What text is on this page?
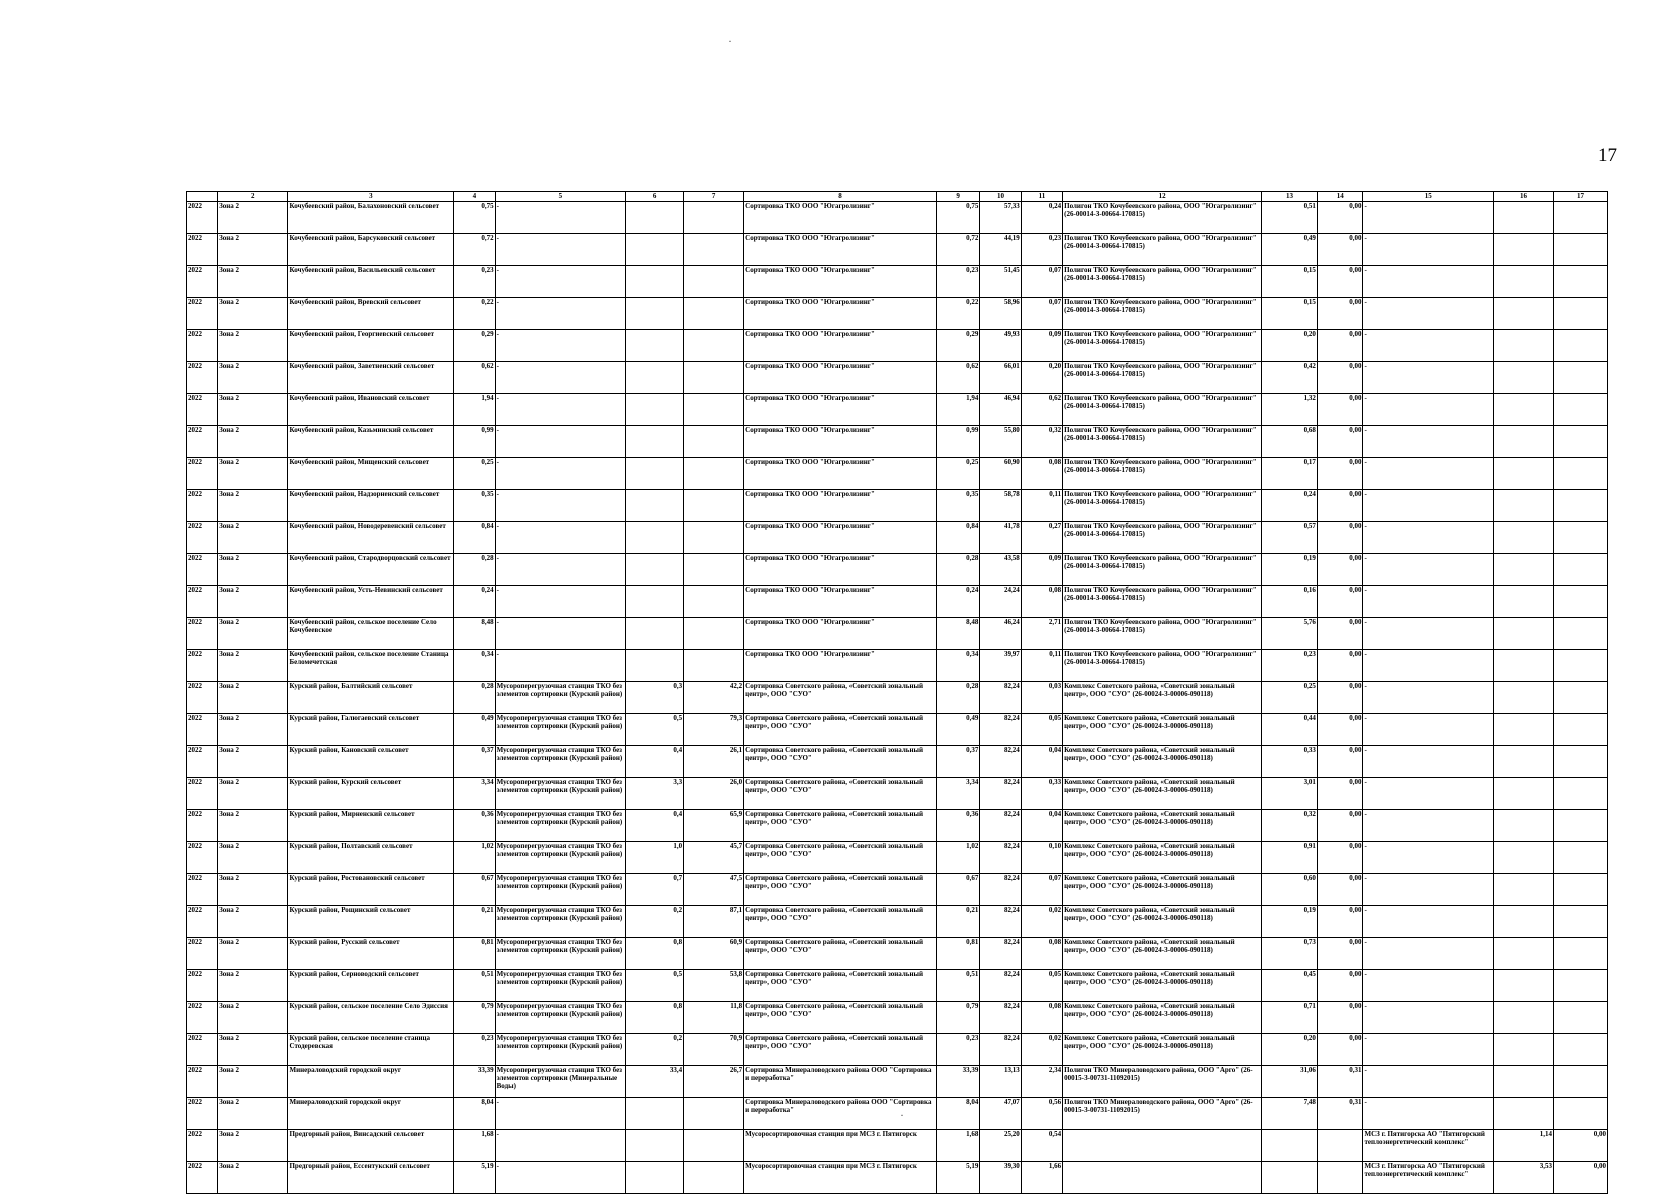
17
·
·
	2	3	4	5	6	7	8	9	10	11	12	13	14	15	16	17
2022	Зона 2	Кочубеевский район, Балахоновский сельсовет	0,75	-			Сортировка ТКО ООО "Югагролизинг"	0,75	57,33	0,24	Полигон ТКО Кочубеевского района, ООО "Югагролизинг" (26-00014-З-00664-170815)	0,51	0,00	-		
2022	Зона 2	Кочубеевский район, Барсуковский сельсовет	0,72	-			Сортировка ТКО ООО "Югагролизинг"	0,72	44,19	0,23	Полигон ТКО Кочубеевского района, ООО "Югагролизинг" (26-00014-З-00664-170815)	0,49	0,00	-		
2022	Зона 2	Кочубеевский район, Васильевский сельсовет	0,23	-			Сортировка ТКО ООО "Югагролизинг"	0,23	51,45	0,07	Полигон ТКО Кочубеевского района, ООО "Югагролизинг" (26-00014-З-00664-170815)	0,15	0,00	-		
2022	Зона 2	Кочубеевский район, Вревский сельсовет	0,22	-			Сортировка ТКО ООО "Югагролизинг"	0,22	58,96	0,07	Полигон ТКО Кочубеевского района, ООО "Югагролизинг" (26-00014-З-00664-170815)	0,15	0,00	-		
2022	Зона 2	Кочубеевский район, Георгиевский сельсовет	0,29	-			Сортировка ТКО ООО "Югагролизинг"	0,29	49,93	0,09	Полигон ТКО Кочубеевского района, ООО "Югагролизинг" (26-00014-З-00664-170815)	0,20	0,00	-		
2022	Зона 2	Кочубеевский район, Заветненский сельсовет	0,62	-			Сортировка ТКО ООО "Югагролизинг"	0,62	66,01	0,20	Полигон ТКО Кочубеевского района, ООО "Югагролизинг" (26-00014-З-00664-170815)	0,42	0,00	-		
2022	Зона 2	Кочубеевский район, Ивановский сельсовет	1,94	-			Сортировка ТКО ООО "Югагролизинг"	1,94	46,94	0,62	Полигон ТКО Кочубеевского района, ООО "Югагролизинг" (26-00014-З-00664-170815)	1,32	0,00	-		
2022	Зона 2	Кочубеевский район, Казьминский сельсовет	0,99	-			Сортировка ТКО ООО "Югагролизинг"	0,99	55,80	0,32	Полигон ТКО Кочубеевского района, ООО "Югагролизинг" (26-00014-З-00664-170815)	0,68	0,00	-		
2022	Зона 2	Кочубеевский район, Мищенский сельсовет	0,25	-			Сортировка ТКО ООО "Югагролизинг"	0,25	60,90	0,08	Полигон ТКО Кочубеевского района, ООО "Югагролизинг" (26-00014-З-00664-170815)	0,17	0,00	-		
2022	Зона 2	Кочубеевский район, Надзорненский сельсовет	0,35	-			Сортировка ТКО ООО "Югагролизинг"	0,35	58,78	0,11	Полигон ТКО Кочубеевского района, ООО "Югагролизинг" (26-00014-З-00664-170815)	0,24	0,00	-		
2022	Зона 2	Кочубеевский район, Новодеревенский сельсовет	0,84	-			Сортировка ТКО ООО "Югагролизинг"	0,84	41,78	0,27	Полигон ТКО Кочубеевского района, ООО "Югагролизинг" (26-00014-З-00664-170815)	0,57	0,00	-		
2022	Зона 2	Кочубеевский район, Стародворцовский сельсовет	0,28	-			Сортировка ТКО ООО "Югагролизинг"	0,28	43,58	0,09	Полигон ТКО Кочубеевского района, ООО "Югагролизинг" (26-00014-З-00664-170815)	0,19	0,00	-		
2022	Зона 2	Кочубеевский район, Усть-Невинский сельсовет	0,24	-			Сортировка ТКО ООО "Югагролизинг"	0,24	24,24	0,08	Полигон ТКО Кочубеевского района, ООО "Югагролизинг" (26-00014-З-00664-170815)	0,16	0,00	-		
2022	Зона 2	Кочубеевский район, сельское поселение Село Кочубеевское	8,48	-			Сортировка ТКО ООО "Югагролизинг"	8,48	46,24	2,71	Полигон ТКО Кочубеевского района, ООО "Югагролизинг" (26-00014-З-00664-170815)	5,76	0,00	-		
2022	Зона 2	Кочубеевский район, сельское поселение Станица Беломечетская	0,34	-			Сортировка ТКО ООО "Югагролизинг"	0,34	39,97	0,11	Полигон ТКО Кочубеевского района, ООО "Югагролизинг" (26-00014-З-00664-170815)	0,23	0,00	-		
2022	Зона 2	Курский район, Балтийский сельсовет	0,28	Мусороперегрузочная станция ТКО без элементов сортировки (Курский район)	0,3	42,2	Сортировка Советского района, «Советский зональный центр», ООО "СУО"	0,28	82,24	0,03	Комплекс Советского района, «Советский зональный центр», ООО "СУО" (26-00024-З-00006-090118)	0,25	0,00	-		
2022	Зона 2	Курский район, Галюгаевский сельсовет	0,49	Мусороперегрузочная станция ТКО без элементов сортировки (Курский район)	0,5	79,3	Сортировка Советского района, «Советский зональный центр», ООО "СУО"	0,49	82,24	0,05	Комплекс Советского района, «Советский зональный центр», ООО "СУО" (26-00024-З-00006-090118)	0,44	0,00	-		
2022	Зона 2	Курский район, Кановский сельсовет	0,37	Мусороперегрузочная станция ТКО без элементов сортировки (Курский район)	0,4	26,1	Сортировка Советского района, «Советский зональный центр», ООО "СУО"	0,37	82,24	0,04	Комплекс Советского района, «Советский зональный центр», ООО "СУО" (26-00024-З-00006-090118)	0,33	0,00	-		
2022	Зона 2	Курский район, Курский сельсовет	3,34	Мусороперегрузочная станция ТКО без элементов сортировки (Курский район)	3,3	26,0	Сортировка Советского района, «Советский зональный центр», ООО "СУО"	3,34	82,24	0,33	Комплекс Советского района, «Советский зональный центр», ООО "СУО" (26-00024-З-00006-090118)	3,01	0,00	-		
2022	Зона 2	Курский район, Мирненский сельсовет	0,36	Мусороперегрузочная станция ТКО без элементов сортировки (Курский район)	0,4	65,9	Сортировка Советского района, «Советский зональный центр», ООО "СУО"	0,36	82,24	0,04	Комплекс Советского района, «Советский зональный центр», ООО "СУО" (26-00024-З-00006-090118)	0,32	0,00	-		
2022	Зона 2	Курский район, Полтавский сельсовет	1,02	Мусороперегрузочная станция ТКО без элементов сортировки (Курский район)	1,0	45,7	Сортировка Советского района, «Советский зональный центр», ООО "СУО"	1,02	82,24	0,10	Комплекс Советского района, «Советский зональный центр», ООО "СУО" (26-00024-З-00006-090118)	0,91	0,00	-		
2022	Зона 2	Курский район, Ростовановский сельсовет	0,67	Мусороперегрузочная станция ТКО без элементов сортировки (Курский район)	0,7	47,5	Сортировка Советского района, «Советский зональный центр», ООО "СУО"	0,67	82,24	0,07	Комплекс Советского района, «Советский зональный центр», ООО "СУО" (26-00024-З-00006-090118)	0,60	0,00	-		
2022	Зона 2	Курский район, Рощинский сельсовет	0,21	Мусороперегрузочная станция ТКО без элементов сортировки (Курский район)	0,2	87,1	Сортировка Советского района, «Советский зональный центр», ООО "СУО"	0,21	82,24	0,02	Комплекс Советского района, «Советский зональный центр», ООО "СУО" (26-00024-З-00006-090118)	0,19	0,00	-		
2022	Зона 2	Курский район, Русский сельсовет	0,81	Мусороперегрузочная станция ТКО без элементов сортировки (Курский район)	0,8	60,9	Сортировка Советского района, «Советский зональный центр», ООО "СУО"	0,81	82,24	0,08	Комплекс Советского района, «Советский зональный центр», ООО "СУО" (26-00024-З-00006-090118)	0,73	0,00	-		
2022	Зона 2	Курский район, Серноводский сельсовет	0,51	Мусороперегрузочная станция ТКО без элементов сортировки (Курский район)	0,5	53,8	Сортировка Советского района, «Советский зональный центр», ООО "СУО"	0,51	82,24	0,05	Комплекс Советского района, «Советский зональный центр», ООО "СУО" (26-00024-З-00006-090118)	0,45	0,00	-		
2022	Зона 2	Курский район, сельское поселение Село Эдиссия	0,79	Мусороперегрузочная станция ТКО без элементов сортировки (Курский район)	0,8	11,8	Сортировка Советского района, «Советский зональный центр», ООО "СУО"	0,79	82,24	0,08	Комплекс Советского района, «Советский зональный центр», ООО "СУО" (26-00024-З-00006-090118)	0,71	0,00	-		
2022	Зона 2	Курский район, сельское поселение станица Стодеревская	0,23	Мусороперегрузочная станция ТКО без элементов сортировки (Курский район)	0,2	70,9	Сортировка Советского района, «Советский зональный центр», ООО "СУО"	0,23	82,24	0,02	Комплекс Советского района, «Советский зональный центр», ООО "СУО" (26-00024-З-00006-090118)	0,20	0,00	-		
2022	Зона 2	Минераловодский городской округ	33,39	Мусороперегрузочная станция ТКО без элементов сортировки (Минеральные Воды)	33,4	26,7	Сортировка Минераловодского района ООО "Сортировка и переработка"	33,39	13,13	2,34	Полигон ТКО Минераловодского района, ООО "Арго" (26-00015-З-00731-11092015)	31,06	0,31	-		
2022	Зона 2	Минераловодский городской округ	8,04	-			Сортировка Минераловодского района ООО "Сортировка и переработка"	8,04	47,07	0,56	Полигон ТКО Минераловодского района, ООО "Арго" (26-00015-З-00731-11092015)	7,48	0,31	-		
2022	Зона 2	Предгорный район, Винсадский сельсовет	1,68	-			Мусоросортировочная станция при МСЗ г. Пятигорск	1,68	25,20	0,54				МСЗ г. Пятигорска АО "Пятигорский теплоэнергетический комплекс"	1,14	0,00
2022	Зона 2	Предгорный район, Ессентукский сельсовет	5,19	-			Мусоросортировочная станция при МСЗ г. Пятигорск	5,19	39,30	1,66				МСЗ г. Пятигорска АО "Пятигорский теплоэнергетический комплекс"	3,53	0,00
